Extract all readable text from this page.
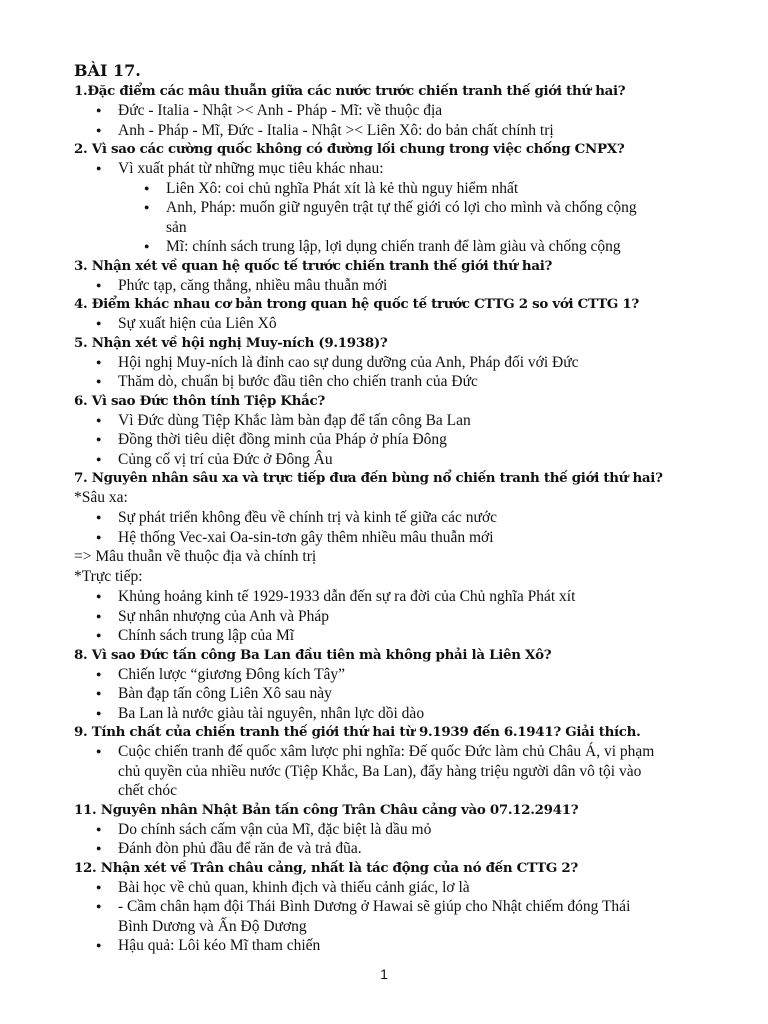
BÀI 17.

1.Đặc điểm các mâu thuẫn giữa các nước trước chiến tranh thế giới thứ hai?

● Đức - Italia - Nhật >< Anh - Pháp - Mĩ: về thuộc địa
● Anh - Pháp - Mĩ, Đức - Italia - Nhật >< Liên Xô: do bản chất chính trị

2. Vì sao các cường quốc không có đường lối chung trong việc chống CNPX?

● Vì xuất phát từ những mục tiêu khác nhau:
● Liên Xô: coi chủ nghĩa Phát xít là kẻ thù nguy hiểm nhất
● Anh, Pháp: muốn giữ nguyên trật tự thế giới có lợi cho mình và chống cộng
sản
● Mĩ: chính sách trung lập, lợi dụng chiến tranh để làm giàu và chống cộng

3. Nhận xét về quan hệ quốc tế trước chiến tranh thế giới thứ hai?

● Phức tạp, căng thẳng, nhiều mâu thuẫn mới

4. Điểm khác nhau cơ bản trong quan hệ quốc tế trước CTTG 2 so với CTTG 1?

● Sự xuất hiện của Liên Xô

5. Nhận xét về hội nghị Muy-ních (9.1938)?

● Hội nghị Muy-ních là đỉnh cao sự dung dưỡng của Anh, Pháp đối với Đức
● Thăm dò, chuẩn bị bước đầu tiên cho chiến tranh của Đức

6. Vì sao Đức thôn tính Tiệp Khắc?

● Vì Đức dùng Tiệp Khắc làm bàn đạp để tấn công Ba Lan
● Đồng thời tiêu diệt đồng minh của Pháp ở phía Đông
● Củng cố vị trí của Đức ở Đông Âu

7. Nguyên nhân sâu xa và trực tiếp đưa đến bùng nổ chiến tranh thế giới thứ hai?

*Sâu xa:

● Sự phát triển không đều về chính trị và kinh tế giữa các nước
● Hệ thống Vec-xai Oa-sin-tơn gây thêm nhiều mâu thuẫn mới

=> Mâu thuẫn về thuộc địa và chính trị

*Trực tiếp:

● Khủng hoảng kinh tế 1929-1933 dẫn đến sự ra đời của Chủ nghĩa Phát xít
● Sự nhân nhượng của Anh và Pháp
● Chính sách trung lập của Mĩ

8. Vì sao Đức tấn công Ba Lan đầu tiên mà không phải là Liên Xô?

● Chiến lược “giương Đông kích Tây”
● Bàn đạp tấn công Liên Xô sau này
● Ba Lan là nước giàu tài nguyên, nhân lực dồi dào

9. Tính chất của chiến tranh thế giới thứ hai từ 9.1939 đến 6.1941? Giải thích.

● Cuộc chiến tranh đế quốc xâm lược phi nghĩa: Đế quốc Đức làm chủ Châu Á, vi phạm
chủ quyền của nhiều nước (Tiệp Khắc, Ba Lan), đẩy hàng triệu người dân vô tội vào
chết chóc

11. Nguyên nhân Nhật Bản tấn công Trân Châu cảng vào 07.12.2941?

● Do chính sách cấm vận của Mĩ, đặc biệt là dầu mỏ
● Đánh đòn phủ đầu để răn đe và trả đũa.

12. Nhận xét về Trân châu cảng, nhất là tác động của nó đến CTTG 2?

● Bài học về chủ quan, khinh địch và thiếu cảnh giác, lơ là
● - Cầm chân hạm đội Thái Bình Dương ở Hawai sẽ giúp cho Nhật chiếm đóng Thái
Bình Dương và Ấn Độ Dương
● Hậu quả: Lôi kéo Mĩ tham chiến
1
